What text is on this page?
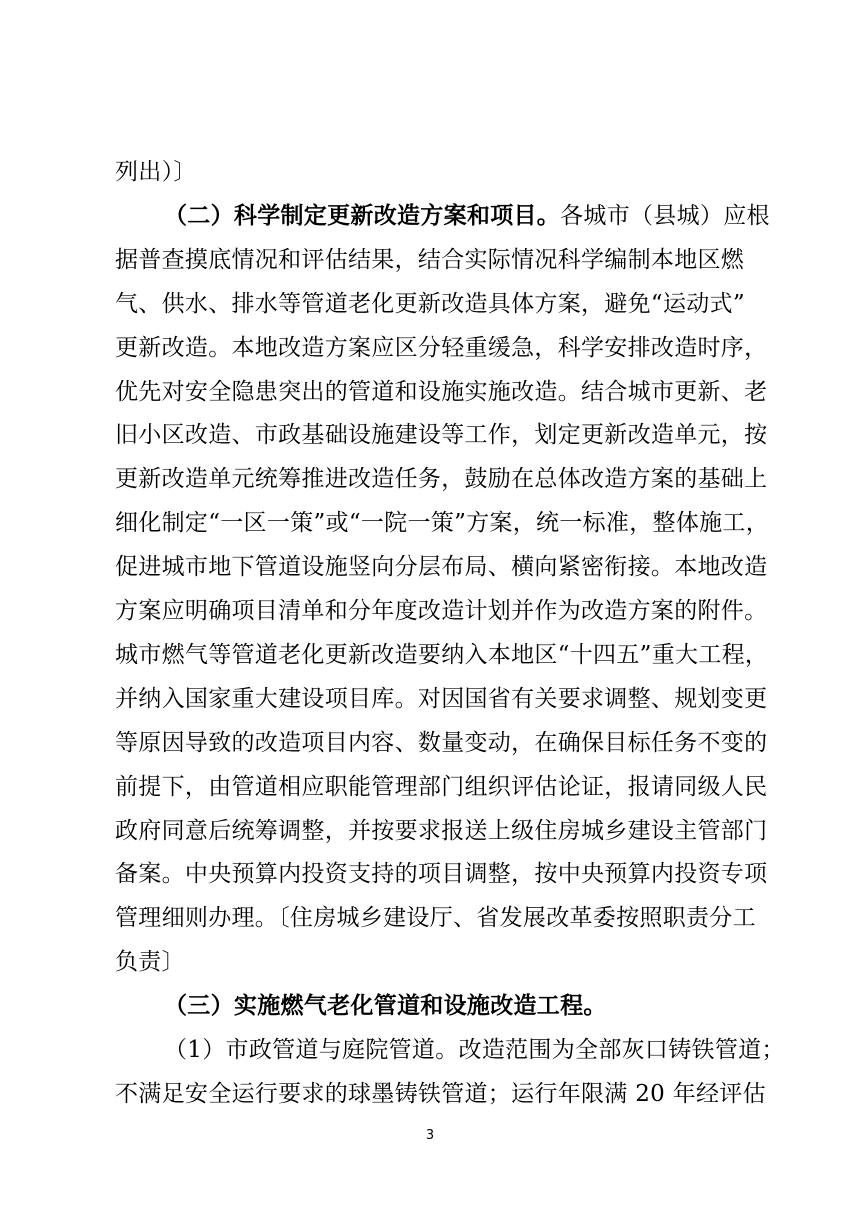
列出）〕
（二）科学制定更新改造方案和项目。各城市（县城）应根
据普查摸底情况和评估结果，结合实际情况科学编制本地区燃
气、供水、排水等管道老化更新改造具体方案，避免“运动式”
更新改造。本地改造方案应区分轻重缓急，科学安排改造时序，
优先对安全隐患突出的管道和设施实施改造。结合城市更新、老
旧小区改造、市政基础设施建设等工作，划定更新改造单元，按
更新改造单元统筹推进改造任务，鼓励在总体改造方案的基础上
细化制定“一区一策”或“一院一策”方案，统一标准，整体施工，
促进城市地下管道设施竖向分层布局、横向紧密衔接。本地改造
方案应明确项目清单和分年度改造计划并作为改造方案的附件。
城市燃气等管道老化更新改造要纳入本地区“十四五”重大工程，
并纳入国家重大建设项目库。对因国省有关要求调整、规划变更
等原因导致的改造项目内容、数量变动，在确保目标任务不变的
前提下，由管道相应职能管理部门组织评估论证，报请同级人民
政府同意后统筹调整，并按要求报送上级住房城乡建设主管部门
备案。中央预算内投资支持的项目调整，按中央预算内投资专项
管理细则办理。〔住房城乡建设厅、省发展改革委按照职责分工
负责〕
（三）实施燃气老化管道和设施改造工程。
（1）市政管道与庭院管道。改造范围为全部灰口铸铁管道；
不满足安全运行要求的球墨铸铁管道；运行年限满 20 年经评估
3
